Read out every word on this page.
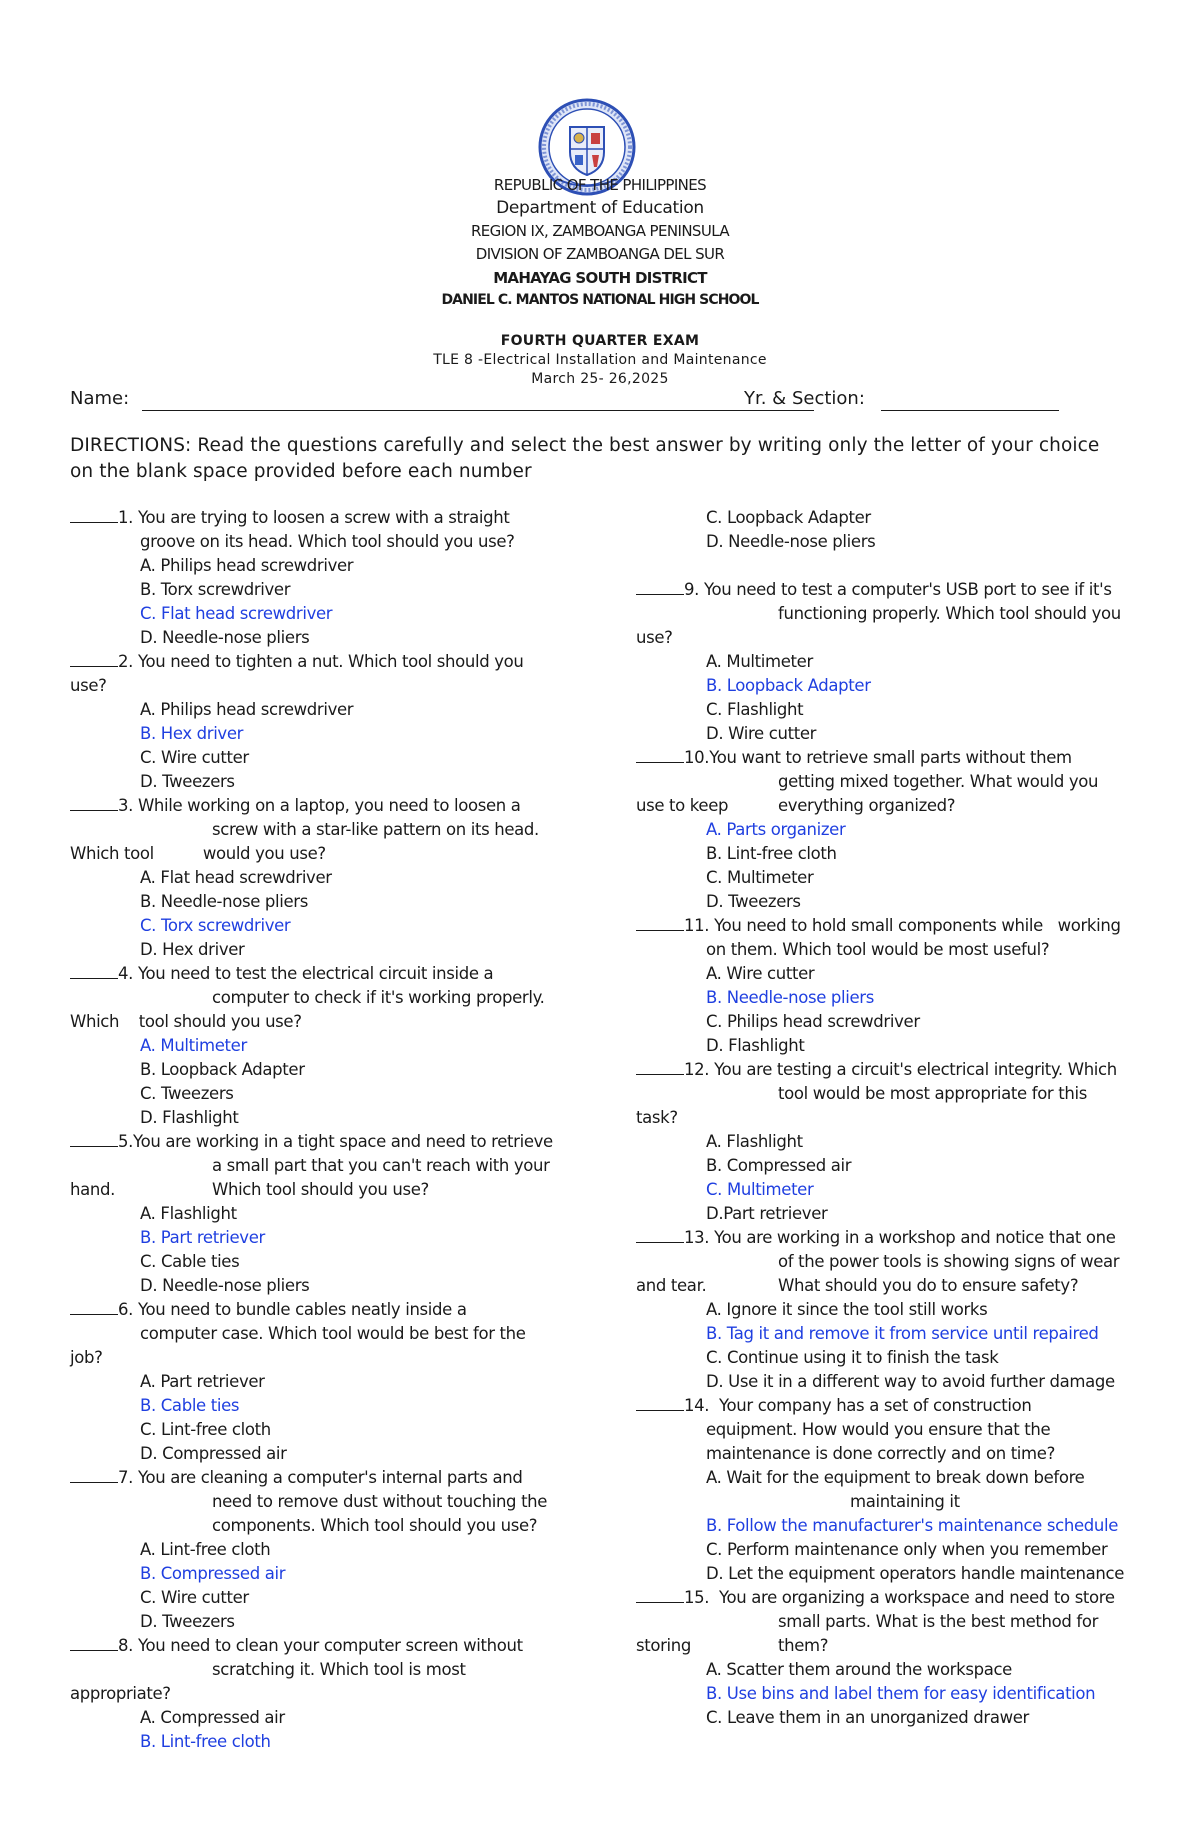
REPUBLIC OF THE PHILIPPINES
Department of Education
REGION IX, ZAMBOANGA PENINSULA
DIVISION OF ZAMBOANGA DEL SUR
MAHAYAG SOUTH DISTRICT
DANIEL C. MANTOS NATIONAL HIGH SCHOOL
FOURTH QUARTER EXAM
TLE 8 -Electrical Installation and Maintenance
March 25- 26,2025
Name:	Yr. & Section:
DIRECTIONS: Read the questions carefully and select the best answer by writing only the letter of your choice on the blank space provided before each number
1. You are trying to loosen a screw with a straight
groove on its head. Which tool should you use?
A. Philips head screwdriver
B. Torx screwdriver
C. Flat head screwdriver
D. Needle-nose pliers
2. You need to tighten a nut. Which tool should you
use?
A. Philips head screwdriver
B. Hex driver
C. Wire cutter
D. Tweezers
3. While working on a laptop, you need to loosen a
screw with a star-like pattern on its head.
Which tool          would you use?
A. Flat head screwdriver
B. Needle-nose pliers
C. Torx screwdriver
D. Hex driver
4. You need to test the electrical circuit inside a
computer to check if it's working properly.
Which    tool should you use?
A. Multimeter
B. Loopback Adapter
C. Tweezers
D. Flashlight
5.You are working in a tight space and need to retrieve
a small part that you can't reach with your
hand.	Which tool should you use?
A. Flashlight
B. Part retriever
C. Cable ties
D. Needle-nose pliers
6. You need to bundle cables neatly inside a
computer case. Which tool would be best for the
job?
A. Part retriever
B. Cable ties
C. Lint-free cloth
D. Compressed air
7. You are cleaning a computer's internal parts and
need to remove dust without touching the
components. Which tool should you use?
A. Lint-free cloth
B. Compressed air
C. Wire cutter
D. Tweezers
8. You need to clean your computer screen without
scratching it. Which tool is most
appropriate?
A. Compressed air
B. Lint-free cloth
C. Loopback Adapter
D. Needle-nose pliers
9. You need to test a computer's USB port to see if it's
functioning properly. Which tool should you
use?
A. Multimeter
B. Loopback Adapter
C. Flashlight
D. Wire cutter
10.You want to retrieve small parts without them
getting mixed together. What would you
use to keep	everything organized?
A. Parts organizer
B. Lint-free cloth
C. Multimeter
D. Tweezers
11. You need to hold small components while   working
on them. Which tool would be most useful?
A. Wire cutter
B. Needle-nose pliers
C. Philips head screwdriver
D. Flashlight
12. You are testing a circuit's electrical integrity. Which
tool would be most appropriate for this
task?
A. Flashlight
B. Compressed air
C. Multimeter
D.Part retriever
13. You are working in a workshop and notice that one
of the power tools is showing signs of wear
and tear.	What should you do to ensure safety?
A. Ignore it since the tool still works
B. Tag it and remove it from service until repaired
C. Continue using it to finish the task
D. Use it in a different way to avoid further damage
14.  Your company has a set of construction
equipment. How would you ensure that the
maintenance is done correctly and on time?
A. Wait for the equipment to break down before
maintaining it
B. Follow the manufacturer's maintenance schedule
C. Perform maintenance only when you remember
D. Let the equipment operators handle maintenance
15.  You are organizing a workspace and need to store
small parts. What is the best method for
storing	them?
A. Scatter them around the workspace
B. Use bins and label them for easy identification
C. Leave them in an unorganized drawer
